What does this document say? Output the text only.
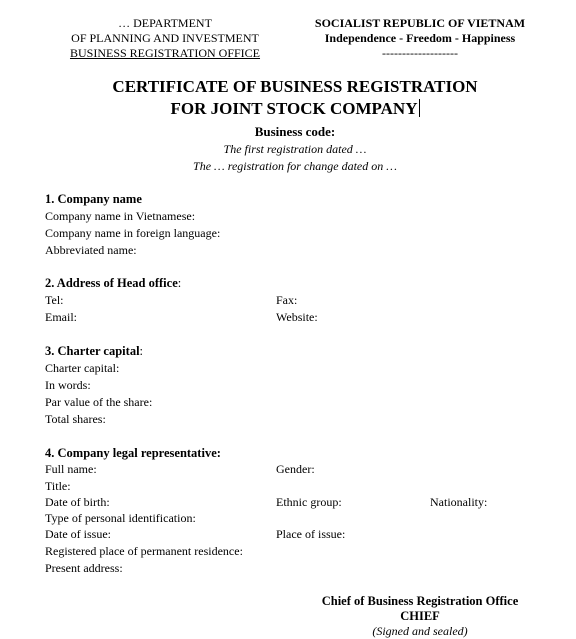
… DEPARTMENT
OF PLANNING AND INVESTMENT
BUSINESS REGISTRATION OFFICE
SOCIALIST REPUBLIC OF VIETNAM
Independence - Freedom - Happiness
-------------------
CERTIFICATE OF BUSINESS REGISTRATION
FOR JOINT STOCK COMPANY
Business code:
The first registration dated …
The … registration for change dated on …
1. Company name
Company name in Vietnamese:
Company name in foreign language:
Abbreviated name:
2. Address of Head office:
Tel:	Fax:
Email:	Website:
3. Charter capital:
Charter capital:
In words:
Par value of the share:
Total shares:
4. Company legal representative:
Full name:	Gender:
Title:
Date of birth:	Ethnic group:	Nationality:
Type of personal identification:
Date of issue:	Place of issue:
Registered place of permanent residence:
Present address:
Chief of Business Registration Office
CHIEF
(Signed and sealed)
